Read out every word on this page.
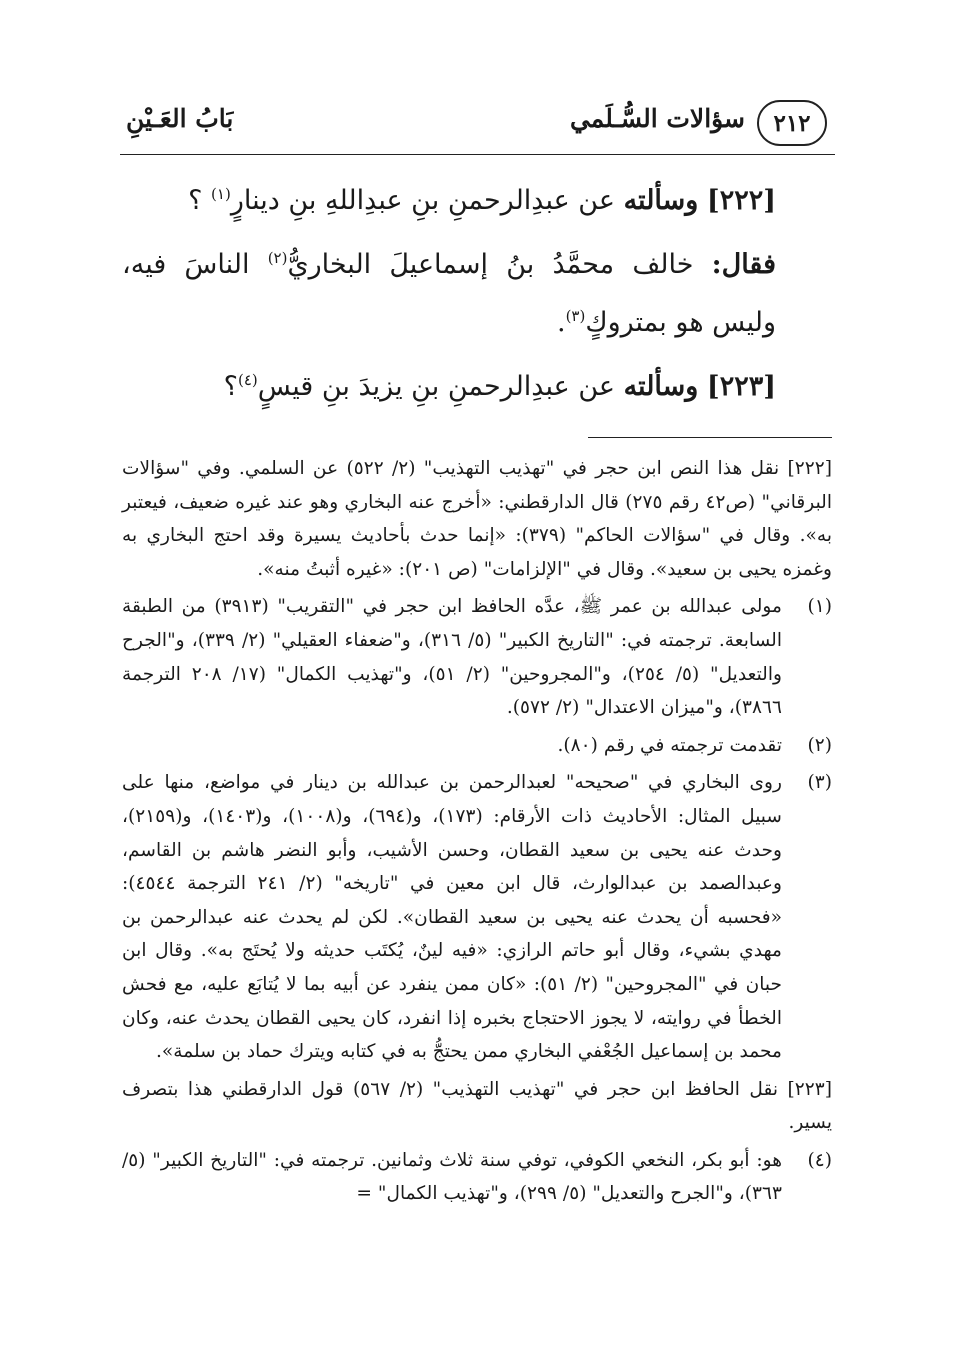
٢١٢
سؤالات السُّـلَمي
بَابُ العَـيْنِ

[٢٢٢] وسألته عن عبدِالرحمنِ بنِ عبدِاللهِ بنِ دينارٍ$^{(١)}$ ؟

فقال: خالف محمَّدُ بنُ إسماعيلَ البخاريُّ$^{(٢)}$ الناسَ فيه، وليس هو بمتروكٍ$^{(٣)}$.

[٢٢٣] وسألته عن عبدِالرحمنِ بنِ يزيدَ بنِ قيسٍ$^{(٤)}$؟

[٢٢٢] نقل هذا النص ابن حجر في "تهذيب التهذيب" (٢/ ٥٢٢) عن السلمي. وفي "سؤالات البرقاني" (ص٤٢ رقم ٢٧٥) قال الدارقطني: «أخرج عنه البخاري وهو عند غيره ضعيف، فيعتبر به». وقال في "سؤالات الحاكم" (٣٧٩): «إنما حدث بأحاديث يسيرة وقد احتج البخاري به وغمزه يحيى بن سعيد». وقال في "الإلزامات" (ص ٢٠١): «غيره أثبتُ منه».

(١)
مولى عبدالله بن عمر ﷺ، عدَّه الحافظ ابن حجر في "التقريب" (٣٩١٣) من الطبقة السابعة. ترجمته في: "التاريخ الكبير" (٥/ ٣١٦)، و"ضعفاء العقيلي" (٢/ ٣٣٩)، و"الجرح والتعديل" (٥/ ٢٥٤)، و"المجروحين" (٢/ ٥١)، و"تهذيب الكمال" (١٧/ ٢٠٨ الترجمة ٣٨٦٦)، و"ميزان الاعتدال" (٢/ ٥٧٢).

(٢)
تقدمت ترجمته في رقم (٨٠).

(٣)
روى البخاري في "صحيحه" لعبدالرحمن بن عبدالله بن دينار في مواضع، منها على سبيل المثال: الأحاديث ذات الأرقام: (١٧٣)، و(٦٩٤)، و(١٠٠٨)، و(١٤٠٣)، و(٢١٥٩)، وحدث عنه يحيى بن سعيد القطان، وحسن الأشيب، وأبو النضر هاشم بن القاسم، وعبدالصمد بن عبدالوارث، قال ابن معين في "تاريخه" (٢/ ٢٤١ الترجمة ٤٥٤٤): «فحسبه أن يحدث عنه يحيى بن سعيد القطان». لكن لم يحدث عنه عبدالرحمن بن مهدي بشيء، وقال أبو حاتم الرازي: «فيه لينٌ، يُكتَب حديثه ولا يُحتَج به». وقال ابن حبان في "المجروحين" (٢/ ٥١): «كان ممن ينفرد عن أبيه بما لا يُتابَع عليه، مع فحش الخطأ في روايته، لا يجوز الاحتجاج بخبره إذا انفرد، كان يحيى القطان يحدث عنه، وكان محمد بن إسماعيل الجُعْفي البخاري ممن يحتجُّ به في كتابه ويترك حماد بن سلمة».

[٢٢٣] نقل الحافظ ابن حجر في "تهذيب التهذيب" (٢/ ٥٦٧) قول الدارقطني هذا بتصرف يسير.

(٤)
هو: أبو بكر، النخعي الكوفي، توفي سنة ثلاث وثمانين. ترجمته في: "التاريخ الكبير" (٥/ ٣٦٣)، و"الجرح والتعديل" (٥/ ٢٩٩)، و"تهذيب الكمال" =
